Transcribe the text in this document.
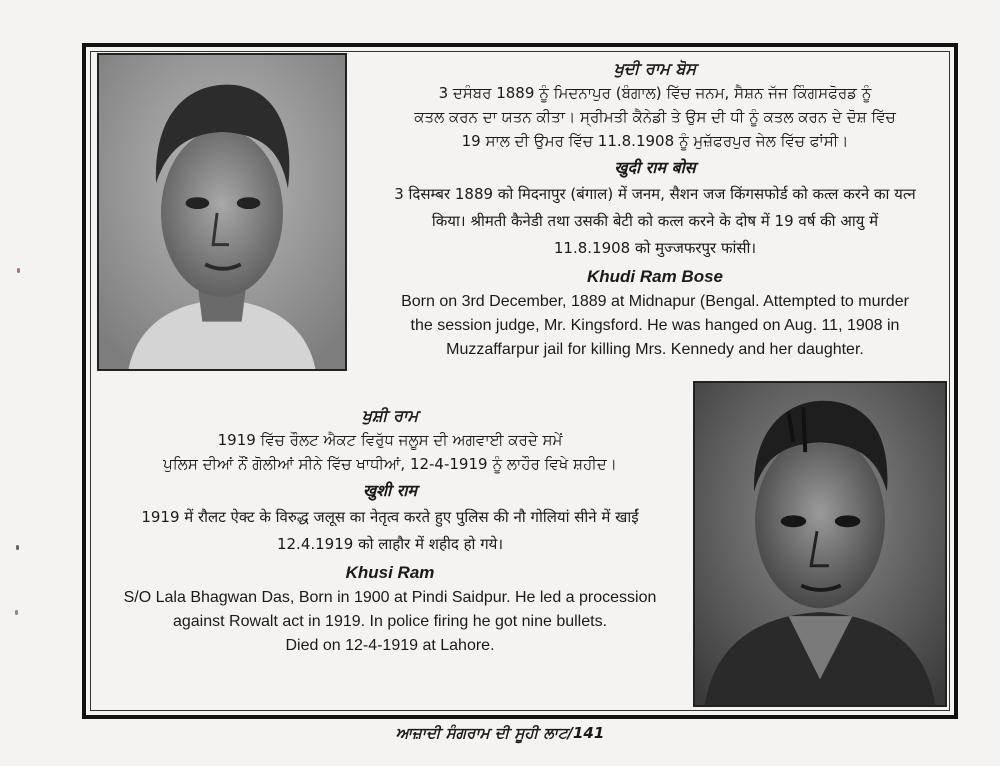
ਖੁਦੀ ਰਾਮ ਬੋਸ
3 ਦਸੰਬਰ 1889 ਨੂੰ ਮਿਦਨਾਪੁਰ (ਬੰਗਾਲ) ਵਿੱਚ ਜਨਮ, ਸੈਸ਼ਨ ਜੱਜ ਕਿੰਗਸਫੋਰਡ ਨੂੰ
ਕਤਲ ਕਰਨ ਦਾ ਯਤਨ ਕੀਤਾ। ਸ੍ਰੀਮਤੀ ਕੈਨੇਡੀ ਤੇ ਉਸ ਦੀ ਧੀ ਨੂੰ ਕਤਲ ਕਰਨ ਦੇ ਦੋਸ਼ ਵਿੱਚ
19 ਸਾਲ ਦੀ ਉਮਰ ਵਿੱਚ 11.8.1908 ਨੂੰ ਮੁਜ਼ੱਫਰਪੁਰ ਜੇਲ ਵਿੱਚ ਫਾਂਸੀ।
खुदी राम बोस
3 दिसम्बर 1889 को मिदनापुर (बंगाल) में जनम, सैशन जज किंगसफोर्ड को कत्ल करने का यत्न
किया। श्रीमती कैनेडी तथा उसकी बेटी को कत्ल करने के दोष में 19 वर्ष की आयु में
11.8.1908 को मुज्जफरपुर फांसी।
Khudi Ram Bose
Born on 3rd December, 1889 at Midnapur (Bengal. Attempted to murder
the session judge, Mr. Kingsford. He was hanged on Aug. 11, 1908 in
Muzzaffarpur jail for killing Mrs. Kennedy and her daughter.
ਖੁਸ਼ੀ ਰਾਮ
1919 ਵਿੱਚ ਰੌਲਟ ਐਕਟ ਵਿਰੁੱਧ ਜਲੂਸ ਦੀ ਅਗਵਾਈ ਕਰਦੇ ਸਮੇਂ
ਪੁਲਿਸ ਦੀਆਂ ਨੌਂ ਗੋਲੀਆਂ ਸੀਨੇ ਵਿੱਚ ਖਾਧੀਆਂ, 12-4-1919 ਨੂੰ ਲਾਹੌਰ ਵਿਖੇ ਸ਼ਹੀਦ।
खुशी राम
1919 में रौलट ऐक्ट के विरुद्ध जलूस का नेतृत्व करते हुए पुलिस की नौ गोलियां सीने में खाईं
12.4.1919 को लाहौर में शहीद हो गये।
Khusi Ram
S/O Lala Bhagwan Das, Born in 1900 at Pindi Saidpur. He led a procession
against Rowalt act in 1919. In police firing he got nine bullets.
Died on 12-4-1919 at Lahore.
ਆਜ਼ਾਦੀ ਸੰਗਰਾਮ ਦੀ ਸੂਹੀ ਲਾਟ/141
